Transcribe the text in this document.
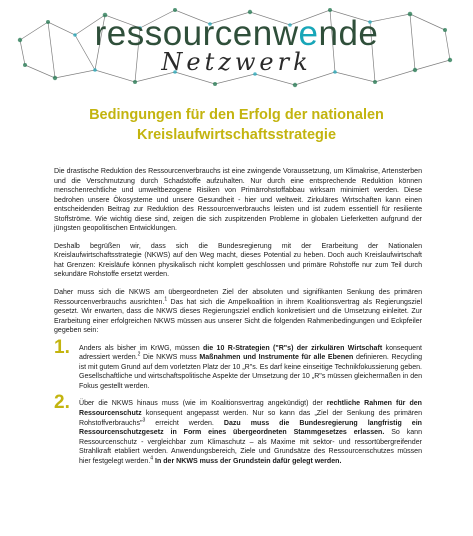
ressourcenwende
Netzwerk
Bedingungen für den Erfolg der nationalen
Kreislaufwirtschaftsstrategie

Die drastische Reduktion des Ressourcenverbrauchs ist eine zwingende Voraussetzung, um Klimakrise, Artensterben und die Verschmutzung durch Schadstoffe aufzuhalten. Nur durch eine entsprechende Reduktion können menschenrechtliche und umweltbezogene Risiken von Primärrohstoffabbau wirksam minimiert werden. Diese bedrohen unsere Ökosysteme und unsere Gesundheit - hier und weltweit. Zirkuläres Wirtschaften kann einen entscheidenden Beitrag zur Reduktion des Ressourcenverbrauchs leisten und ist zudem essentiell für resiliente Stoffströme. Wie wichtig diese sind, zeigen die sich zuspitzenden Probleme in globalen Lieferketten aufgrund der jüngsten geopolitischen Entwicklungen.

Deshalb begrüßen wir, dass sich die Bundesregierung mit der Erarbeitung der Nationalen Kreislaufwirtschaftsstrategie (NKWS) auf den Weg macht, dieses Potential zu heben. Doch auch Kreislaufwirtschaft hat Grenzen: Kreisläufe können physikalisch nicht komplett geschlossen und primäre Rohstoffe nur zum Teil durch sekundäre Rohstoffe ersetzt werden.

Daher muss sich die NKWS am übergeordneten Ziel der absoluten und signifikanten Senkung des primären Ressourcenverbrauchs ausrichten.$^1$ Das hat sich die Ampelkoalition in ihrem Koalitionsvertrag als Regierungsziel gesetzt. Wir erwarten, dass die NKWS dieses Regierungsziel endlich konkretisiert und die Umsetzung einleitet. Zur Erarbeitung einer erfolgreichen NKWS müssen aus unserer Sicht die folgenden Rahmenbedingungen und Eckpfeiler gegeben sein:

1. Anders als bisher im KrWG, müssen die 10 R-Strategien ("R"s) der zirkulären Wirtschaft konsequent adressiert werden.$^2$ Die NKWS muss Maßnahmen und Instrumente für alle Ebenen definieren. Recycling ist mit gutem Grund auf dem vorletzten Platz der 10 „R"s. Es darf keine einseitige Technikfokussierung geben. Gesellschaftliche und wirtschaftspolitische Aspekte der Umsetzung der 10 „R"s müssen gleichermaßen in den Fokus gestellt werden.
2. Über die NKWS hinaus muss (wie im Koalitionsvertrag angekündigt) der rechtliche Rahmen für den Ressourcenschutz konsequent angepasst werden. Nur so kann das „Ziel der Senkung des primären Rohstoffverbrauchs"$^3$ erreicht werden. Dazu muss die Bundesregierung langfristig ein Ressourcenschutzgesetz in Form eines übergeordneten Stammgesetzes erlassen. So kann Ressourcenschutz - vergleichbar zum Klimaschutz – als Maxime mit sektor- und ressortübergreifender Strahlkraft etabliert werden. Anwendungsbereich, Ziele und Grundsätze des Ressourcenschutzes müssen hier festgelegt werden.$^4$ In der NKWS muss der Grundstein dafür gelegt werden.
